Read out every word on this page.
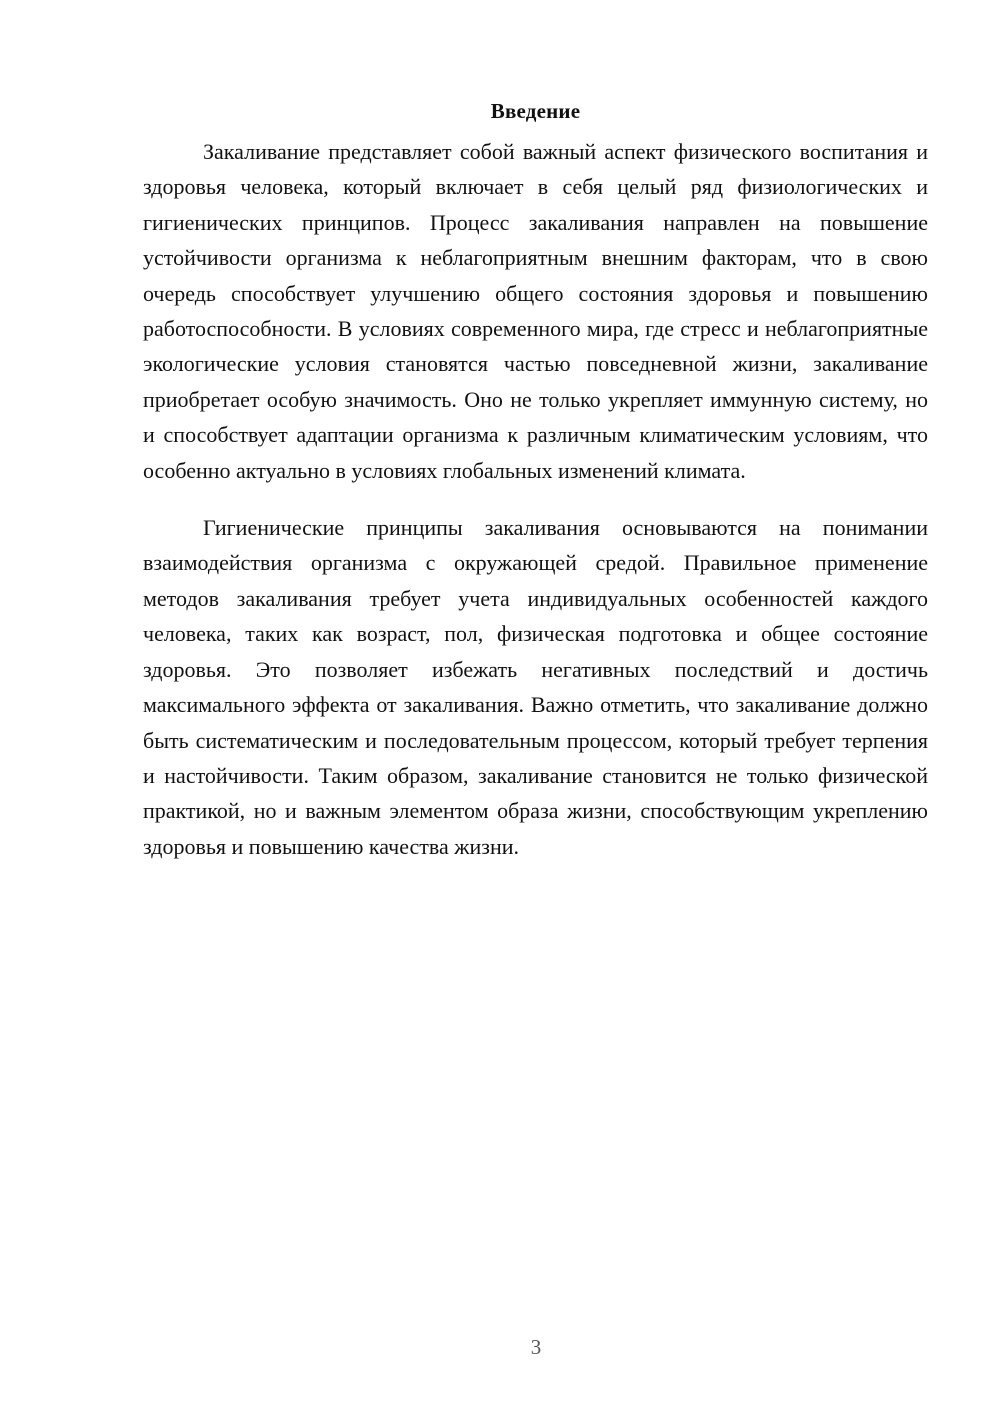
Введение

Закаливание представляет собой важный аспект физического воспитания и здоровья человека, который включает в себя целый ряд физиологических и гигиенических принципов. Процесс закаливания направлен на повышение устойчивости организма к неблагоприятным внешним факторам, что в свою очередь способствует улучшению общего состояния здоровья и повышению работоспособности. В условиях современного мира, где стресс и неблагоприятные экологические условия становятся частью повседневной жизни, закаливание приобретает особую значимость. Оно не только укрепляет иммунную систему, но и способствует адаптации организма к различным климатическим условиям, что особенно актуально в условиях глобальных изменений климата.

Гигиенические принципы закаливания основываются на понимании взаимодействия организма с окружающей средой. Правильное применение методов закаливания требует учета индивидуальных особенностей каждого человека, таких как возраст, пол, физическая подготовка и общее состояние здоровья. Это позволяет избежать негативных последствий и достичь максимального эффекта от закаливания. Важно отметить, что закаливание должно быть систематическим и последовательным процессом, который требует терпения и настойчивости. Таким образом, закаливание становится не только физической практикой, но и важным элементом образа жизни, способствующим укреплению здоровья и повышению качества жизни.

3
